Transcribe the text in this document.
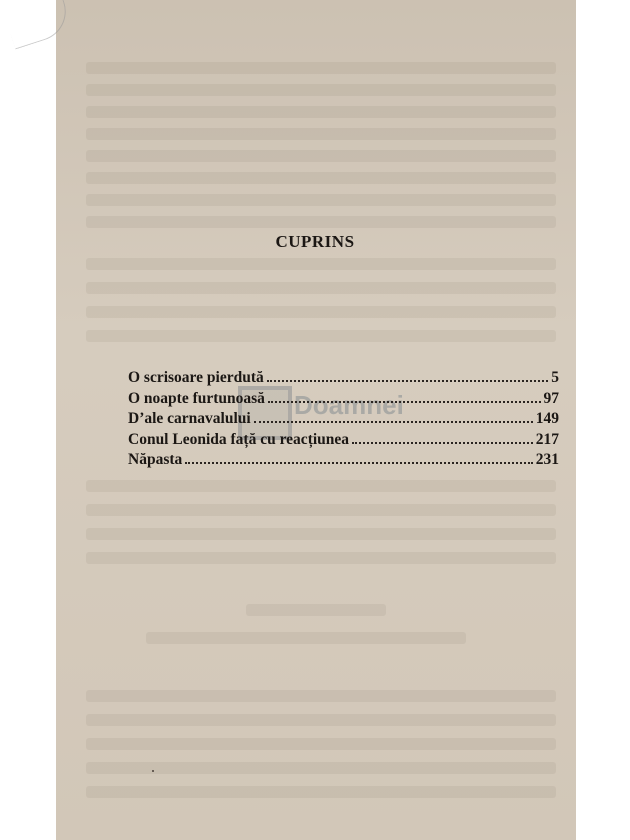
CUPRINS
Doamnei
O scrisoare pierdută	5
O noapte furtunoasă	97
D’ale carnavalului	149
Conul Leonida față cu reacțiunea	217
Năpasta	231
